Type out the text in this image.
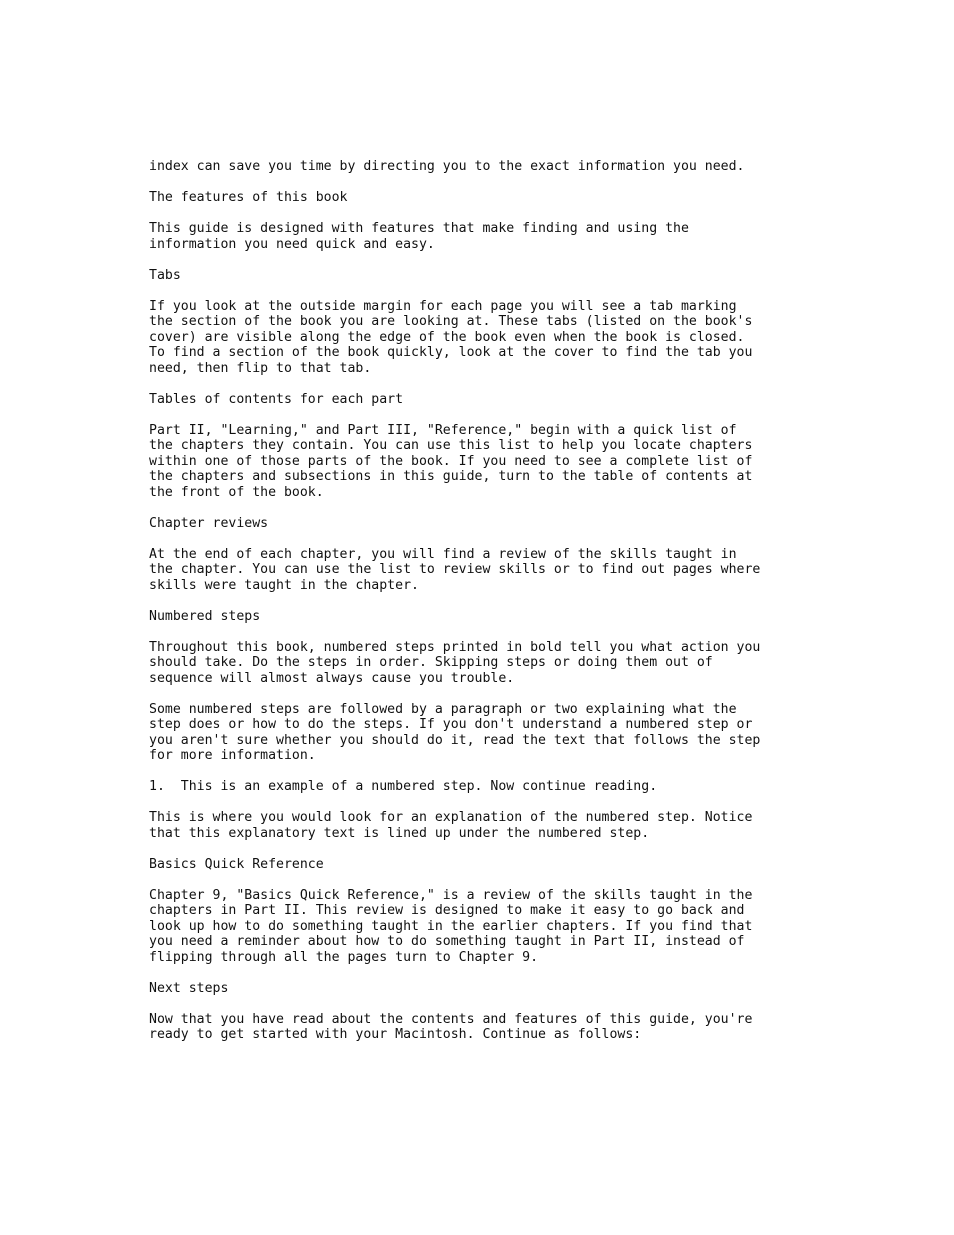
index can save you time by directing you to the exact information you need.

The features of this book

This guide is designed with features that make finding and using the
information you need quick and easy.

Tabs

If you look at the outside margin for each page you will see a tab marking
the section of the book you are looking at. These tabs (listed on the book's
cover) are visible along the edge of the book even when the book is closed.
To find a section of the book quickly, look at the cover to find the tab you
need, then flip to that tab.

Tables of contents for each part

Part II, "Learning," and Part III, "Reference," begin with a quick list of
the chapters they contain. You can use this list to help you locate chapters
within one of those parts of the book. If you need to see a complete list of
the chapters and subsections in this guide, turn to the table of contents at
the front of the book.

Chapter reviews

At the end of each chapter, you will find a review of the skills taught in
the chapter. You can use the list to review skills or to find out pages where
skills were taught in the chapter.

Numbered steps

Throughout this book, numbered steps printed in bold tell you what action you
should take. Do the steps in order. Skipping steps or doing them out of
sequence will almost always cause you trouble.

Some numbered steps are followed by a paragraph or two explaining what the
step does or how to do the steps. If you don't understand a numbered step or
you aren't sure whether you should do it, read the text that follows the step
for more information.

1.  This is an example of a numbered step. Now continue reading.

This is where you would look for an explanation of the numbered step. Notice
that this explanatory text is lined up under the numbered step.

Basics Quick Reference

Chapter 9, "Basics Quick Reference," is a review of the skills taught in the
chapters in Part II. This review is designed to make it easy to go back and
look up how to do something taught in the earlier chapters. If you find that
you need a reminder about how to do something taught in Part II, instead of
flipping through all the pages turn to Chapter 9.

Next steps

Now that you have read about the contents and features of this guide, you're
ready to get started with your Macintosh. Continue as follows:
